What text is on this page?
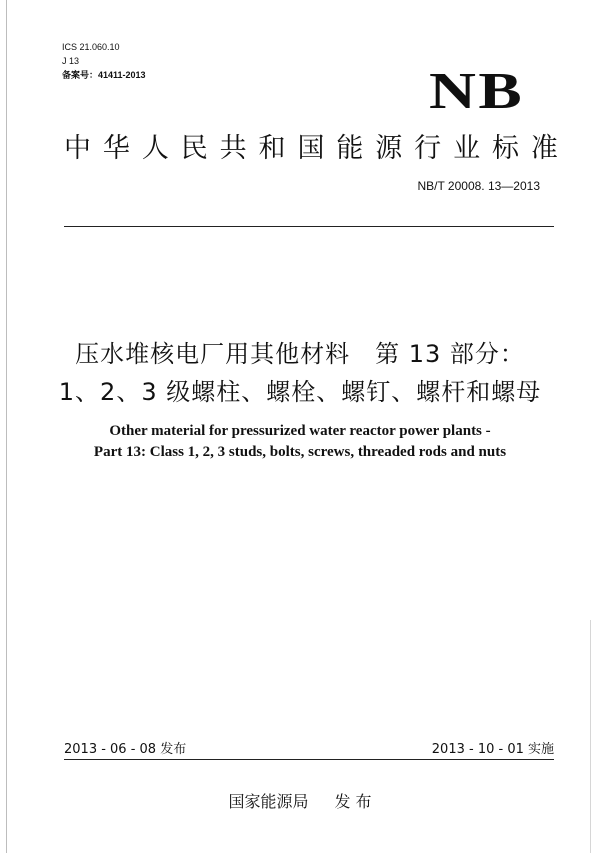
ICS 21.060.10
J 13
备案号：41411-2013	NB
中 华 人 民 共 和 国 能 源 行 业 标 准
NB/T 20008. 13—2013
压水堆核电厂用其他材料　第 13 部分：
1、2、3 级螺柱、螺栓、螺钉、螺杆和螺母
Other material for pressurized water reactor power plants -
Part 13: Class 1, 2, 3 studs, bolts, screws, threaded rods and nuts
2013 - 06 - 08 发布	2013 - 10 - 01 实施
国家能源局 发 布
